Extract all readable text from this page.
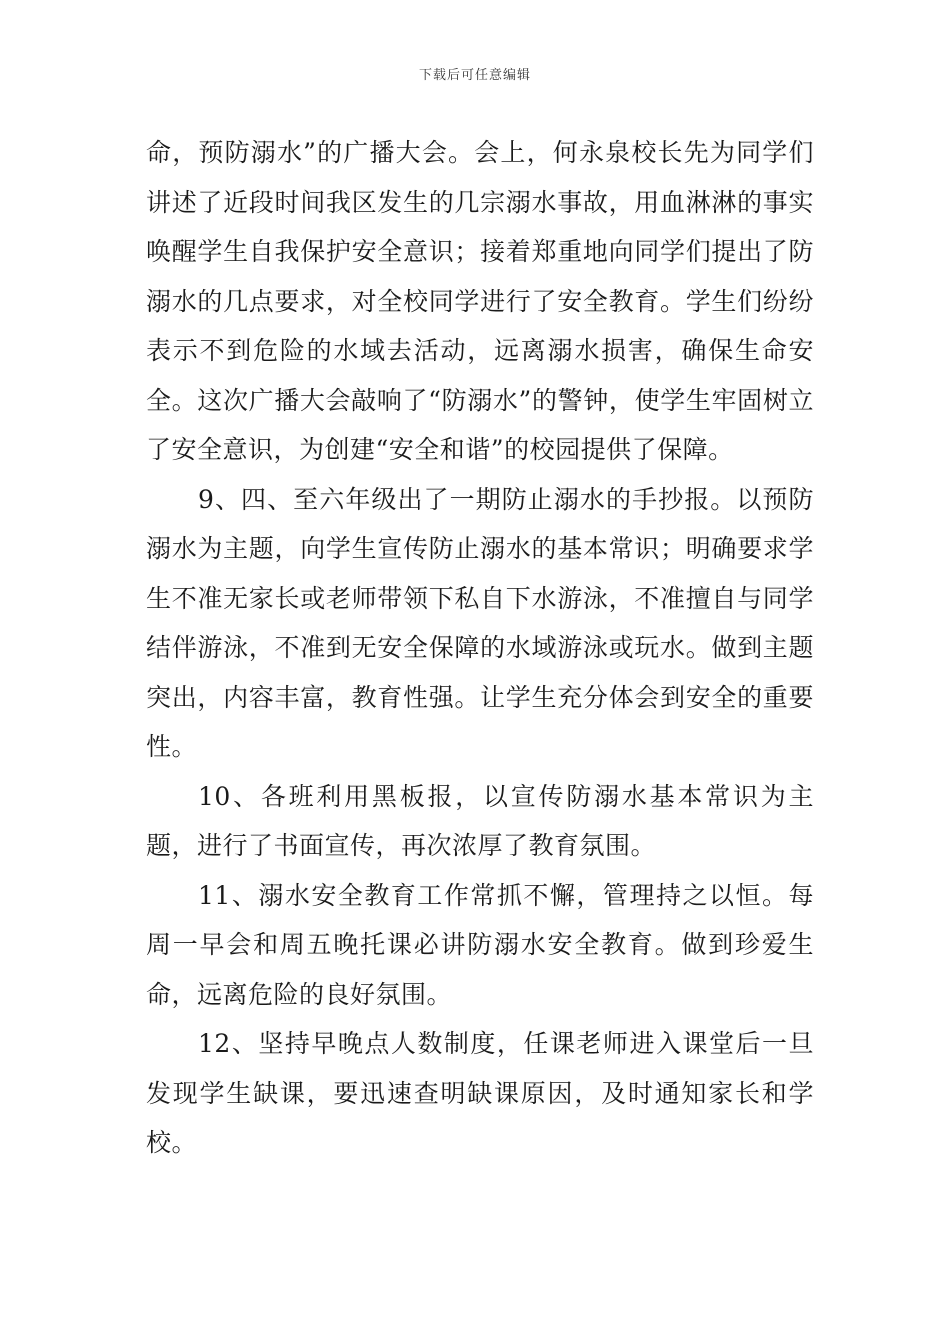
下载后可任意编辑

命，预防溺水”的广播大会。会上，何永泉校长先为同学们讲述了近段时间我区发生的几宗溺水事故，用血淋淋的事实唤醒学生自我保护安全意识；接着郑重地向同学们提出了防溺水的几点要求，对全校同学进行了安全教育。学生们纷纷表示不到危险的水域去活动，远离溺水损害，确保生命安全。这次广播大会敲响了“防溺水”的警钟，使学生牢固树立了安全意识，为创建“安全和谐”的校园提供了保障。

9、四、至六年级出了一期防止溺水的手抄报。以预防溺水为主题，向学生宣传防止溺水的基本常识；明确要求学生不准无家长或老师带领下私自下水游泳，不准擅自与同学结伴游泳，不准到无安全保障的水域游泳或玩水。做到主题突出，内容丰富，教育性强。让学生充分体会到安全的重要性。

10、各班利用黑板报，以宣传防溺水基本常识为主题，进行了书面宣传，再次浓厚了教育氛围。

11、溺水安全教育工作常抓不懈，管理持之以恒。每周一早会和周五晚托课必讲防溺水安全教育。做到珍爱生命，远离危险的良好氛围。

12、坚持早晚点人数制度，任课老师进入课堂后一旦发现学生缺课，要迅速查明缺课原因，及时通知家长和学校。
